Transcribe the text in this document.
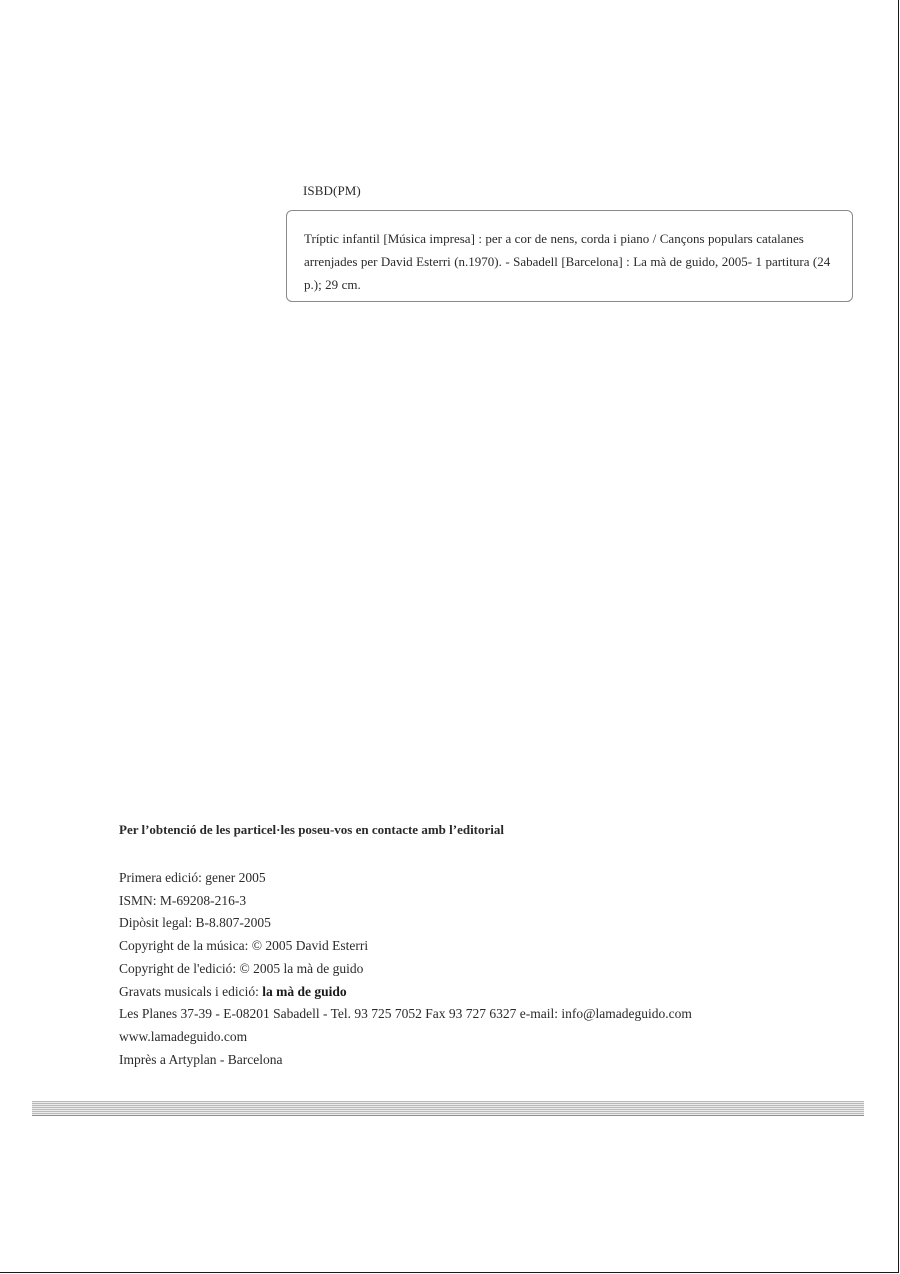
ISBD(PM)

Tríptic infantil [Música impresa] : per a cor de nens, corda i piano / Cançons populars catalanes arrenjades per David Esterri (n.1970). - Sabadell [Barcelona] : La mà de guido, 2005- 1 partitura (24 p.); 29 cm.

Per l’obtenció de les particel·les poseu-vos en contacte amb l’editorial
Primera edició: gener 2005
ISMN: M-69208-216-3
Dipòsit legal: B-8.807-2005
Copyright de la música: © 2005 David Esterri
Copyright de l'edició: © 2005 la mà de guido
Gravats musicals i edició: la mà de guido
Les Planes 37-39 - E-08201 Sabadell - Tel. 93 725 7052 Fax 93 727 6327 e-mail: info@lamadeguido.com
www.lamadeguido.com
Imprès a Artyplan - Barcelona
